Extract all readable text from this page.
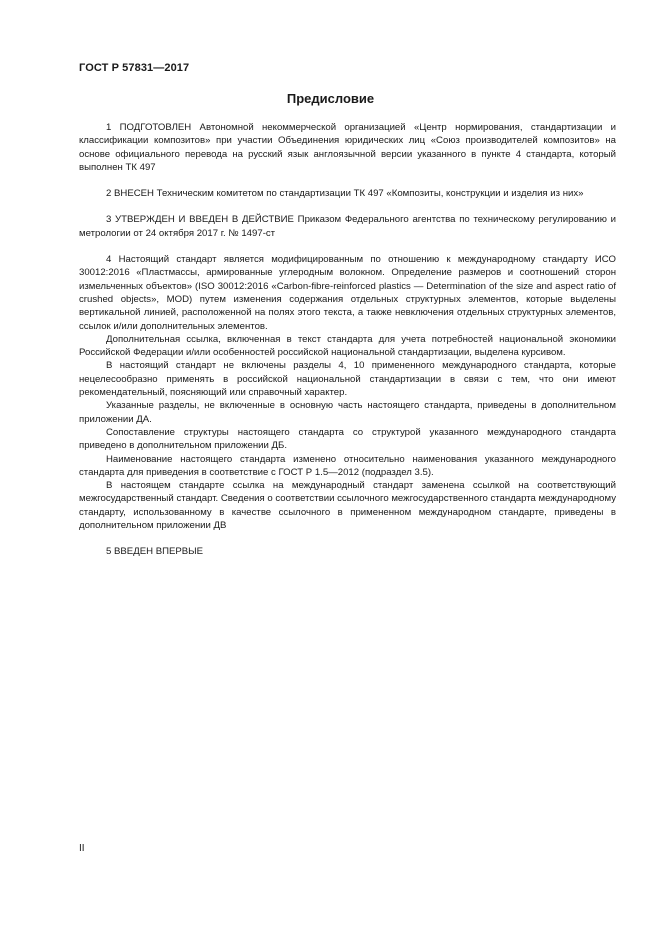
ГОСТ Р 57831—2017
Предисловие

1 ПОДГОТОВЛЕН Автономной некоммерческой организацией «Центр нормирования, стандартизации и классификации композитов» при участии Объединения юридических лиц «Союз производителей композитов» на основе официального перевода на русский язык англоязычной версии указанного в пункте 4 стандарта, который выполнен ТК 497

2 ВНЕСЕН Техническим комитетом по стандартизации ТК 497 «Композиты, конструкции и изделия из них»

3 УТВЕРЖДЕН И ВВЕДЕН В ДЕЙСТВИЕ Приказом Федерального агентства по техническому регулированию и метрологии от 24 октября 2017 г. № 1497-ст

4 Настоящий стандарт является модифицированным по отношению к международному стандарту ИСО 30012:2016 «Пластмассы, армированные углеродным волокном. Определение размеров и соотношений сторон измельченных объектов» (ISO 30012:2016 «Carbon-fibre-reinforced plastics — Determination of the size and aspect ratio of crushed objects», MOD) путем изменения содержания отдельных структурных элементов, которые выделены вертикальной линией, расположенной на полях этого текста, а также невключения отдельных структурных элементов, ссылок и/или дополнительных элементов.

Дополнительная ссылка, включенная в текст стандарта для учета потребностей национальной экономики Российской Федерации и/или особенностей российской национальной стандартизации, выделена курсивом.

В настоящий стандарт не включены разделы 4, 10 примененного международного стандарта, которые нецелесообразно применять в российской национальной стандартизации в связи с тем, что они имеют рекомендательный, поясняющий или справочный характер.

Указанные разделы, не включенные в основную часть настоящего стандарта, приведены в дополнительном приложении ДА.

Сопоставление структуры настоящего стандарта со структурой указанного международного стандарта приведено в дополнительном приложении ДБ.

Наименование настоящего стандарта изменено относительно наименования указанного международного стандарта для приведения в соответствие с ГОСТ Р 1.5—2012 (подраздел 3.5).

В настоящем стандарте ссылка на международный стандарт заменена ссылкой на соответствующий межгосударственный стандарт. Сведения о соответствии ссылочного межгосударственного стандарта международному стандарту, использованному в качестве ссылочного в примененном международном стандарте, приведены в дополнительном приложении ДВ

5 ВВЕДЕН ВПЕРВЫЕ

II
